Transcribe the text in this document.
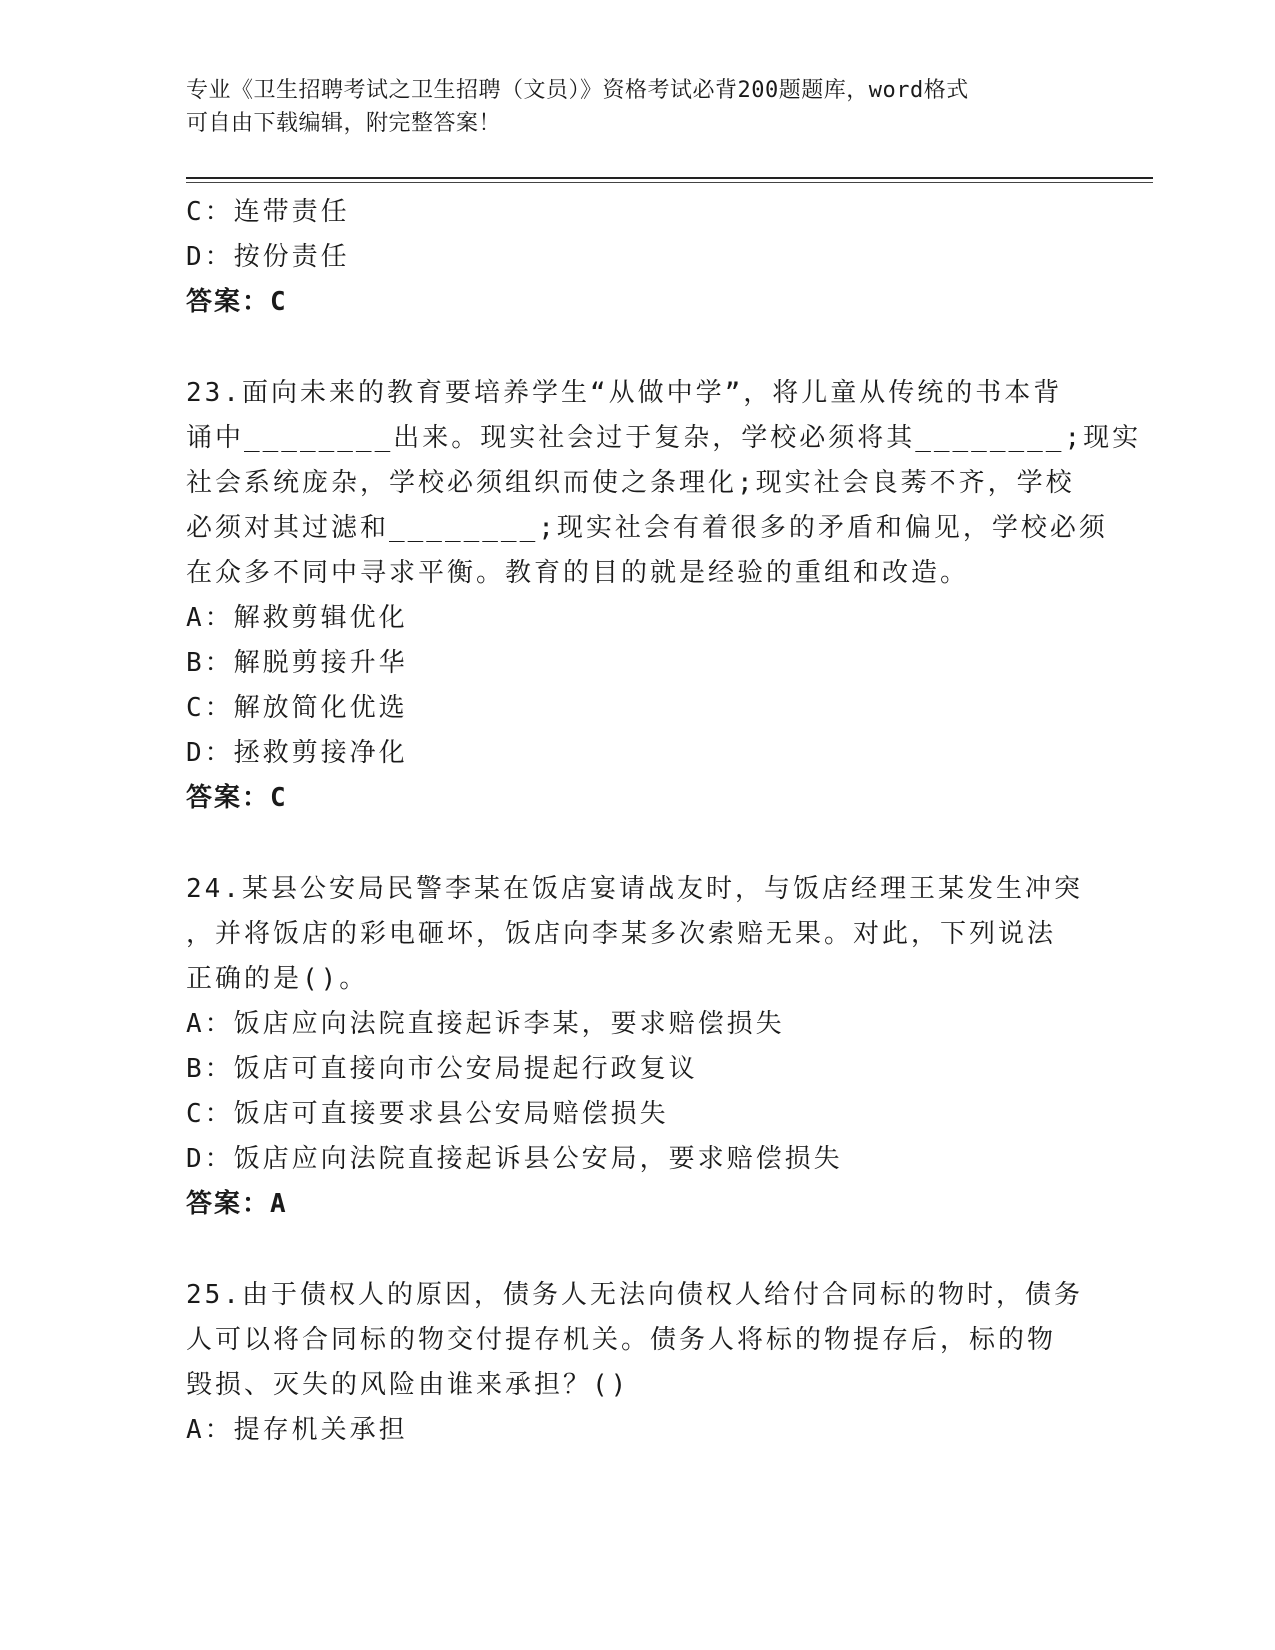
专业《卫生招聘考试之卫生招聘（文员）》资格考试必背200题题库，word格式
可自由下载编辑，附完整答案！
C：连带责任
D：按份责任
答案：C
23.面向未来的教育要培养学生“从做中学”，将儿童从传统的书本背
诵中________出来。现实社会过于复杂，学校必须将其________;现实
社会系统庞杂，学校必须组织而使之条理化;现实社会良莠不齐，学校
必须对其过滤和________;现实社会有着很多的矛盾和偏见，学校必须
在众多不同中寻求平衡。教育的目的就是经验的重组和改造。
A：解救剪辑优化
B：解脱剪接升华
C：解放简化优选
D：拯救剪接净化
答案：C
24.某县公安局民警李某在饭店宴请战友时，与饭店经理王某发生冲突
，并将饭店的彩电砸坏，饭店向李某多次索赔无果。对此，下列说法
正确的是()。
A：饭店应向法院直接起诉李某，要求赔偿损失
B：饭店可直接向市公安局提起行政复议
C：饭店可直接要求县公安局赔偿损失
D：饭店应向法院直接起诉县公安局，要求赔偿损失
答案：A
25.由于债权人的原因，债务人无法向债权人给付合同标的物时，债务
人可以将合同标的物交付提存机关。债务人将标的物提存后，标的物
毁损、灭失的风险由谁来承担？()
A：提存机关承担
